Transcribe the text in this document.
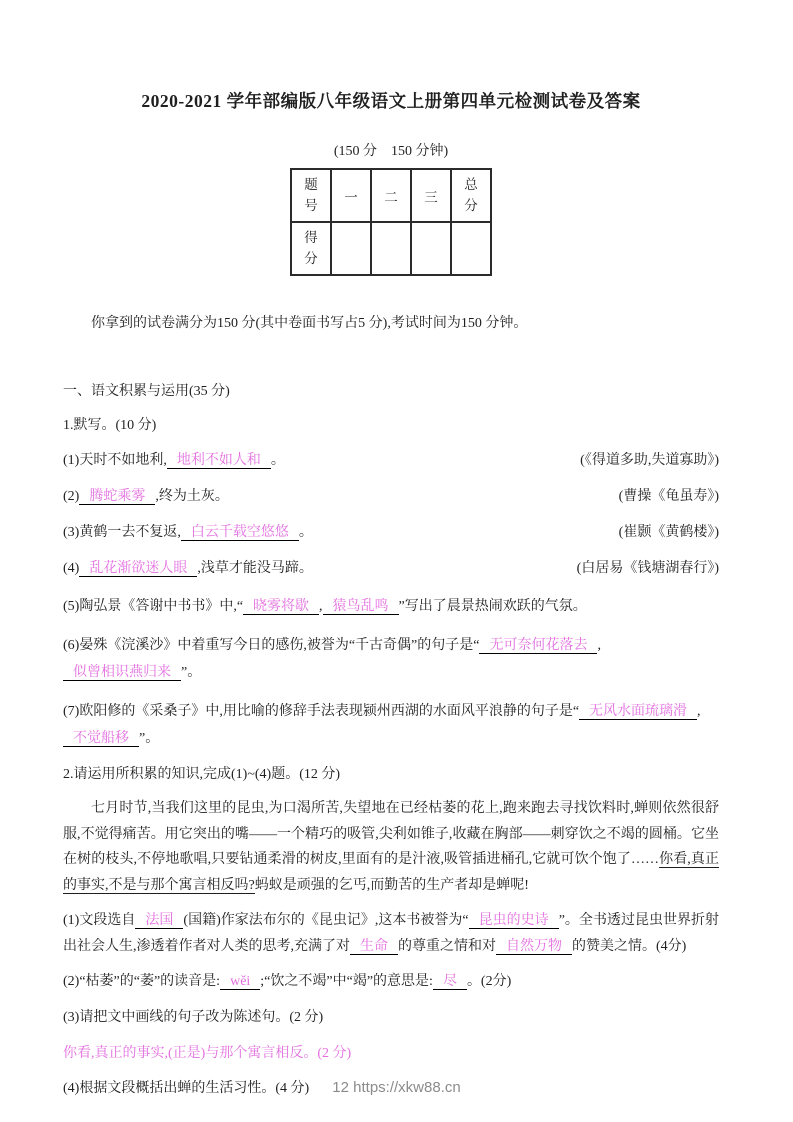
2020-2021 学年部编版八年级语文上册第四单元检测试卷及答案
(150 分　150 分钟)
题号	一	二	三	总分
得分				
你拿到的试卷满分为150 分(其中卷面书写占5 分),考试时间为150 分钟。
一、语文积累与运用(35 分)
1.默写。(10 分)
(1)天时不如地利, 地利不如人和 。	(《得道多助,失道寡助》)
(2) 腾蛇乘雾 ,终为土灰。	(曹操《龟虽寿》)
(3)黄鹤一去不复返, 白云千载空悠悠 。	(崔颢《黄鹤楼》)
(4) 乱花渐欲迷人眼 ,浅草才能没马蹄。	(白居易《钱塘湖春行》)
(5)陶弘景《答谢中书书》中,“ 晓雾将歇 , 猿鸟乱鸣 ”写出了晨景热闹欢跃的气氛。
(6)晏殊《浣溪沙》中着重写今日的感伤,被誉为“千古奇偶”的句子是“ 无可奈何花落去 ,似曾相识燕归来 ”。
(7)欧阳修的《采桑子》中,用比喻的修辞手法表现颍州西湖的水面风平浪静的句子是“ 无风水面琉璃滑 ,不觉船移 ”。
2.请运用所积累的知识,完成(1)~(4)题。(12 分)
七月时节,当我们这里的昆虫,为口渴所苦,失望地在已经枯萎的花上,跑来跑去寻找饮料时,蝉则依然很舒服,不觉得痛苦。用它突出的嘴——一个精巧的吸管,尖利如锥子,收藏在胸部——刺穿饮之不竭的圆桶。它坐在树的枝头,不停地歌唱,只要钻通柔滑的树皮,里面有的是汁液,吸管插进桶孔,它就可饮个饱了……你看,真正的事实,不是与那个寓言相反吗?蚂蚁是顽强的乞丐,而勤苦的生产者却是蝉呢!
(1)文段选自 法国 (国籍)作家法布尔的《昆虫记》,这本书被誉为“ 昆虫的史诗 ”。全书透过昆虫世界折射出社会人生,渗透着作者对人类的思考,充满了对 生命 的尊重之情和对 自然万物 的赞美之情。(4分)
(2)“枯萎”的“萎”的读音是: wěi ;“饮之不竭”中“竭”的意思是: 尽 。(2分)
(3)请把文中画线的句子改为陈述句。(2 分)
你看,真正的事实,(正是)与那个寓言相反。(2 分)
(4)根据文段概括出蝉的生活习性。(4 分)	12 https://xkw88.cn
